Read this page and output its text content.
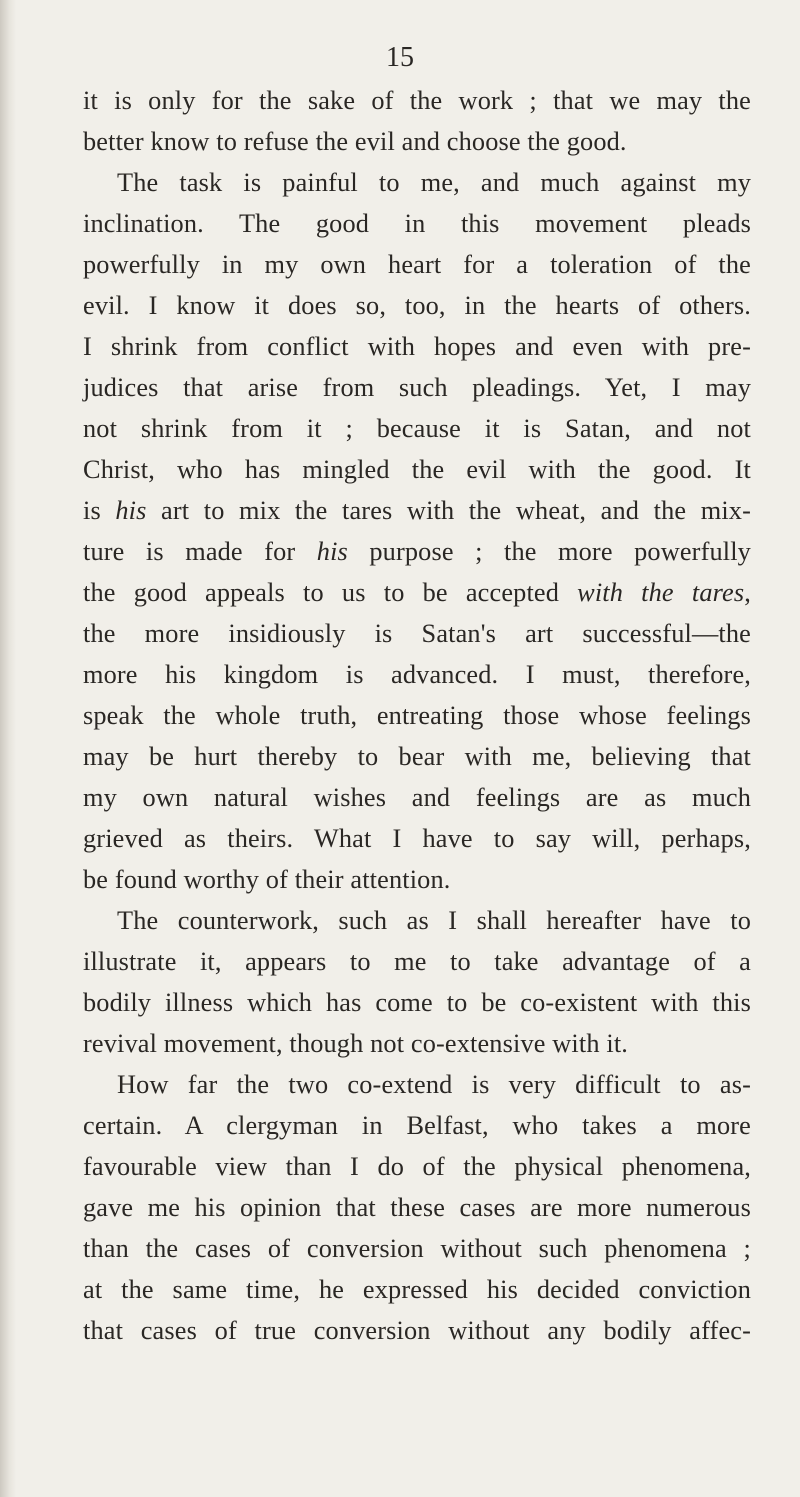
15
it is only for the sake of the work ; that we may the
better know to refuse the evil and choose the good.
The task is painful to me, and much against my
inclination. The good in this movement pleads
powerfully in my own heart for a toleration of the
evil. I know it does so, too, in the hearts of others.
I shrink from conflict with hopes and even with pre-
judices that arise from such pleadings. Yet, I may
not shrink from it ; because it is Satan, and not
Christ, who has mingled the evil with the good. It
is his art to mix the tares with the wheat, and the mix-
ture is made for his purpose ; the more powerfully
the good appeals to us to be accepted with the tares,
the more insidiously is Satan's art successful—the
more his kingdom is advanced. I must, therefore,
speak the whole truth, entreating those whose feelings
may be hurt thereby to bear with me, believing that
my own natural wishes and feelings are as much
grieved as theirs. What I have to say will, perhaps,
be found worthy of their attention.
The counterwork, such as I shall hereafter have to
illustrate it, appears to me to take advantage of a
bodily illness which has come to be co-existent with this
revival movement, though not co-extensive with it.
How far the two co-extend is very difficult to as-
certain. A clergyman in Belfast, who takes a more
favourable view than I do of the physical phenomena,
gave me his opinion that these cases are more numerous
than the cases of conversion without such phenomena ;
at the same time, he expressed his decided conviction
that cases of true conversion without any bodily affec-
